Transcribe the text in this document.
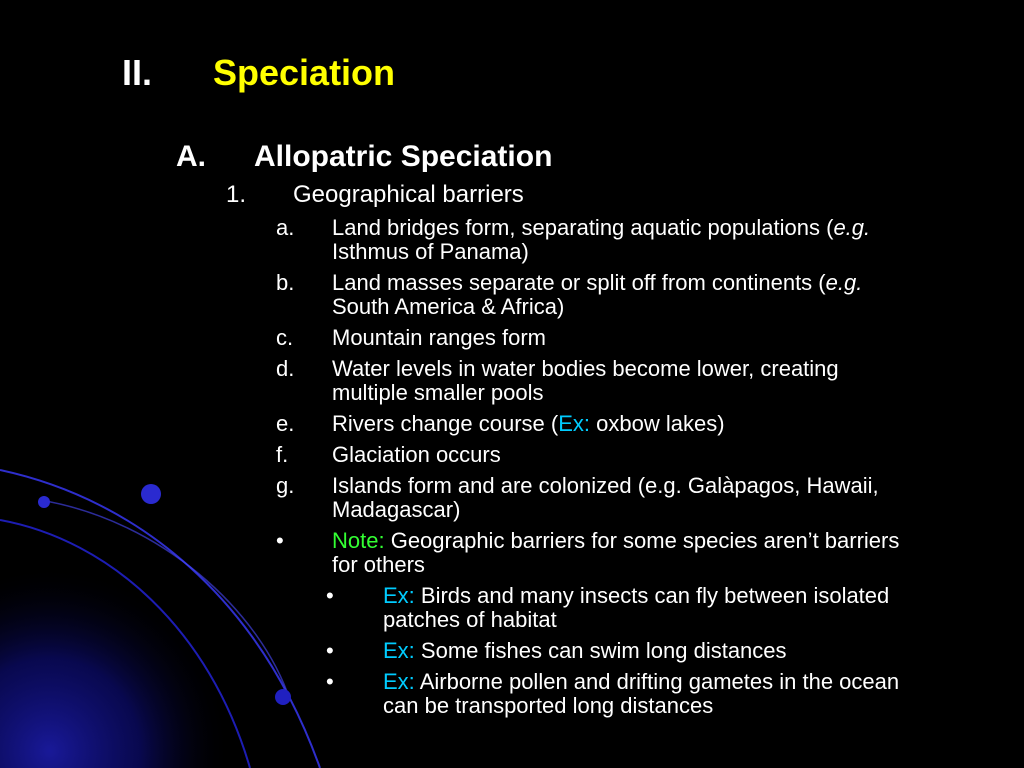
II. Speciation
A. Allopatric Speciation
1. Geographical barriers
a. Land bridges form, separating aquatic populations (e.g.
Isthmus of Panama)
b. Land masses separate or split off from continents (e.g.
South America & Africa)
c. Mountain ranges form
d. Water levels in water bodies become lower, creating
multiple smaller pools
e. Rivers change course (Ex: oxbow lakes)
f. Glaciation occurs
g. Islands form and are colonized (e.g. Galàpagos, Hawaii,
Madagascar)
• Note: Geographic barriers for some species aren’t barriers
for others
• Ex: Birds and many insects can fly between isolated
patches of habitat
• Ex: Some fishes can swim long distances
• Ex: Airborne pollen and drifting gametes in the ocean
can be transported long distances
